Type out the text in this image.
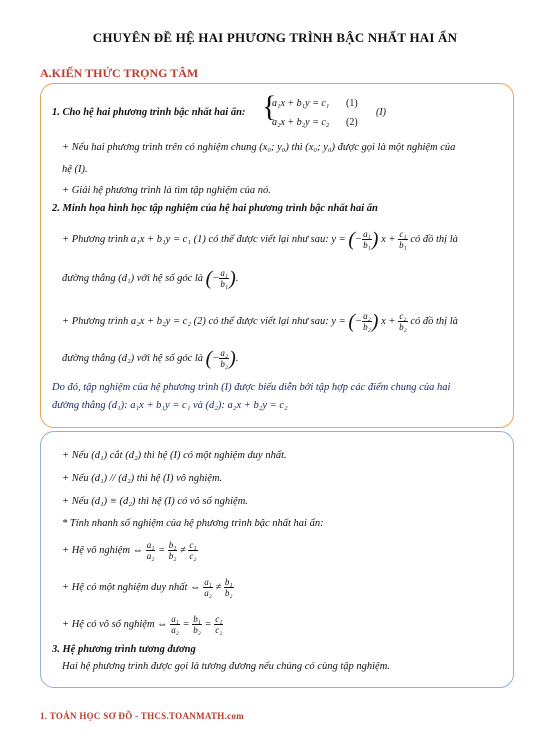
CHUYÊN ĐỀ HỆ HAI PHƯƠNG TRÌNH BẬC NHẤT HAI ẨN
A.KIẾN THỨC TRỌNG TÂM
1. Cho hệ hai phương trình bậc nhất hai ẩn: {
a₁x + b₁y = c₁ (1)
a₂x + b₂y = c₂ (2)
(I)
+ Nếu hai phương trình trên có nghiệm chung (x₀; y₀) thì (x₀; y₀) được gọi là một nghiệm của
hệ (I).
+ Giải hệ phương trình là tìm tập nghiệm của nó.
2. Minh họa hình học tập nghiệm của hệ hai phương trình bậc nhất hai ẩn
+ Phương trình a₁x + b₁y = c₁ (1) có thể được viết lại như sau: y = (− $\frac{\text{a₁}}{\text{b₁}}$ ) $x + \frac{\text{c₁}}{\text{b₁}}$ có đồ thị là
đường thẳng (d₁) với hệ số góc là (− $\frac{\text{a₁}}{\text{b₁}}$ ).
+ Phương trình a₂x + b₂y = c₂ (2) có thể được viết lại như sau: y = (− $\frac{\text{a₂}}{\text{b₂}}$ ) $x + \frac{\text{c₂}}{\text{b₂}}$ có đồ thị là
đường thẳng (d₂) với hệ số góc là (− $\frac{\text{a₂}}{\text{b₂}}$ ).
Do đó, tập nghiệm của hệ phương trình (I) được biểu diễn bởi tập hợp các điểm chung của hai
đường thẳng (d₁): a₁x + b₁y = c₁ và (d₂): a₂x + b₂y = c₂
+ Nếu (d₁) cắt (d₂) thì hệ (I) có một nghiệm duy nhất.
+ Nếu (d₁) // (d₂) thì hệ (I) vô nghiệm.
+ Nếu (d₁) ≡ (d₂) thì hệ (I) có vô số nghiệm.
* Tính nhanh số nghiệm của hệ phương trình bậc nhất hai ẩn:
+ Hệ vô nghiệm ⇔ $\frac{\text{a₁}}{\text{a₂}} = \frac{\text{b₁}}{\text{b₂}} \ne \frac{\text{c₁}}{\text{c₂}}$
+ Hệ có một nghiệm duy nhất ⇔ $\frac{\text{a₁}}{\text{a₂}} \ne \frac{\text{b₁}}{\text{b₂}}$
+ Hệ có vô số nghiệm ⇔ $\frac{\text{a₁}}{\text{a₂}} = \frac{\text{b₁}}{\text{b₂}} = \frac{\text{c₁}}{\text{c₂}}$
3. Hệ phương trình tương đương
Hai hệ phương trình được gọi là tương đương nếu chúng có cùng tập nghiệm.
1. TOÁN HỌC SƠ ĐỒ - THCS.TOANMATH.com
